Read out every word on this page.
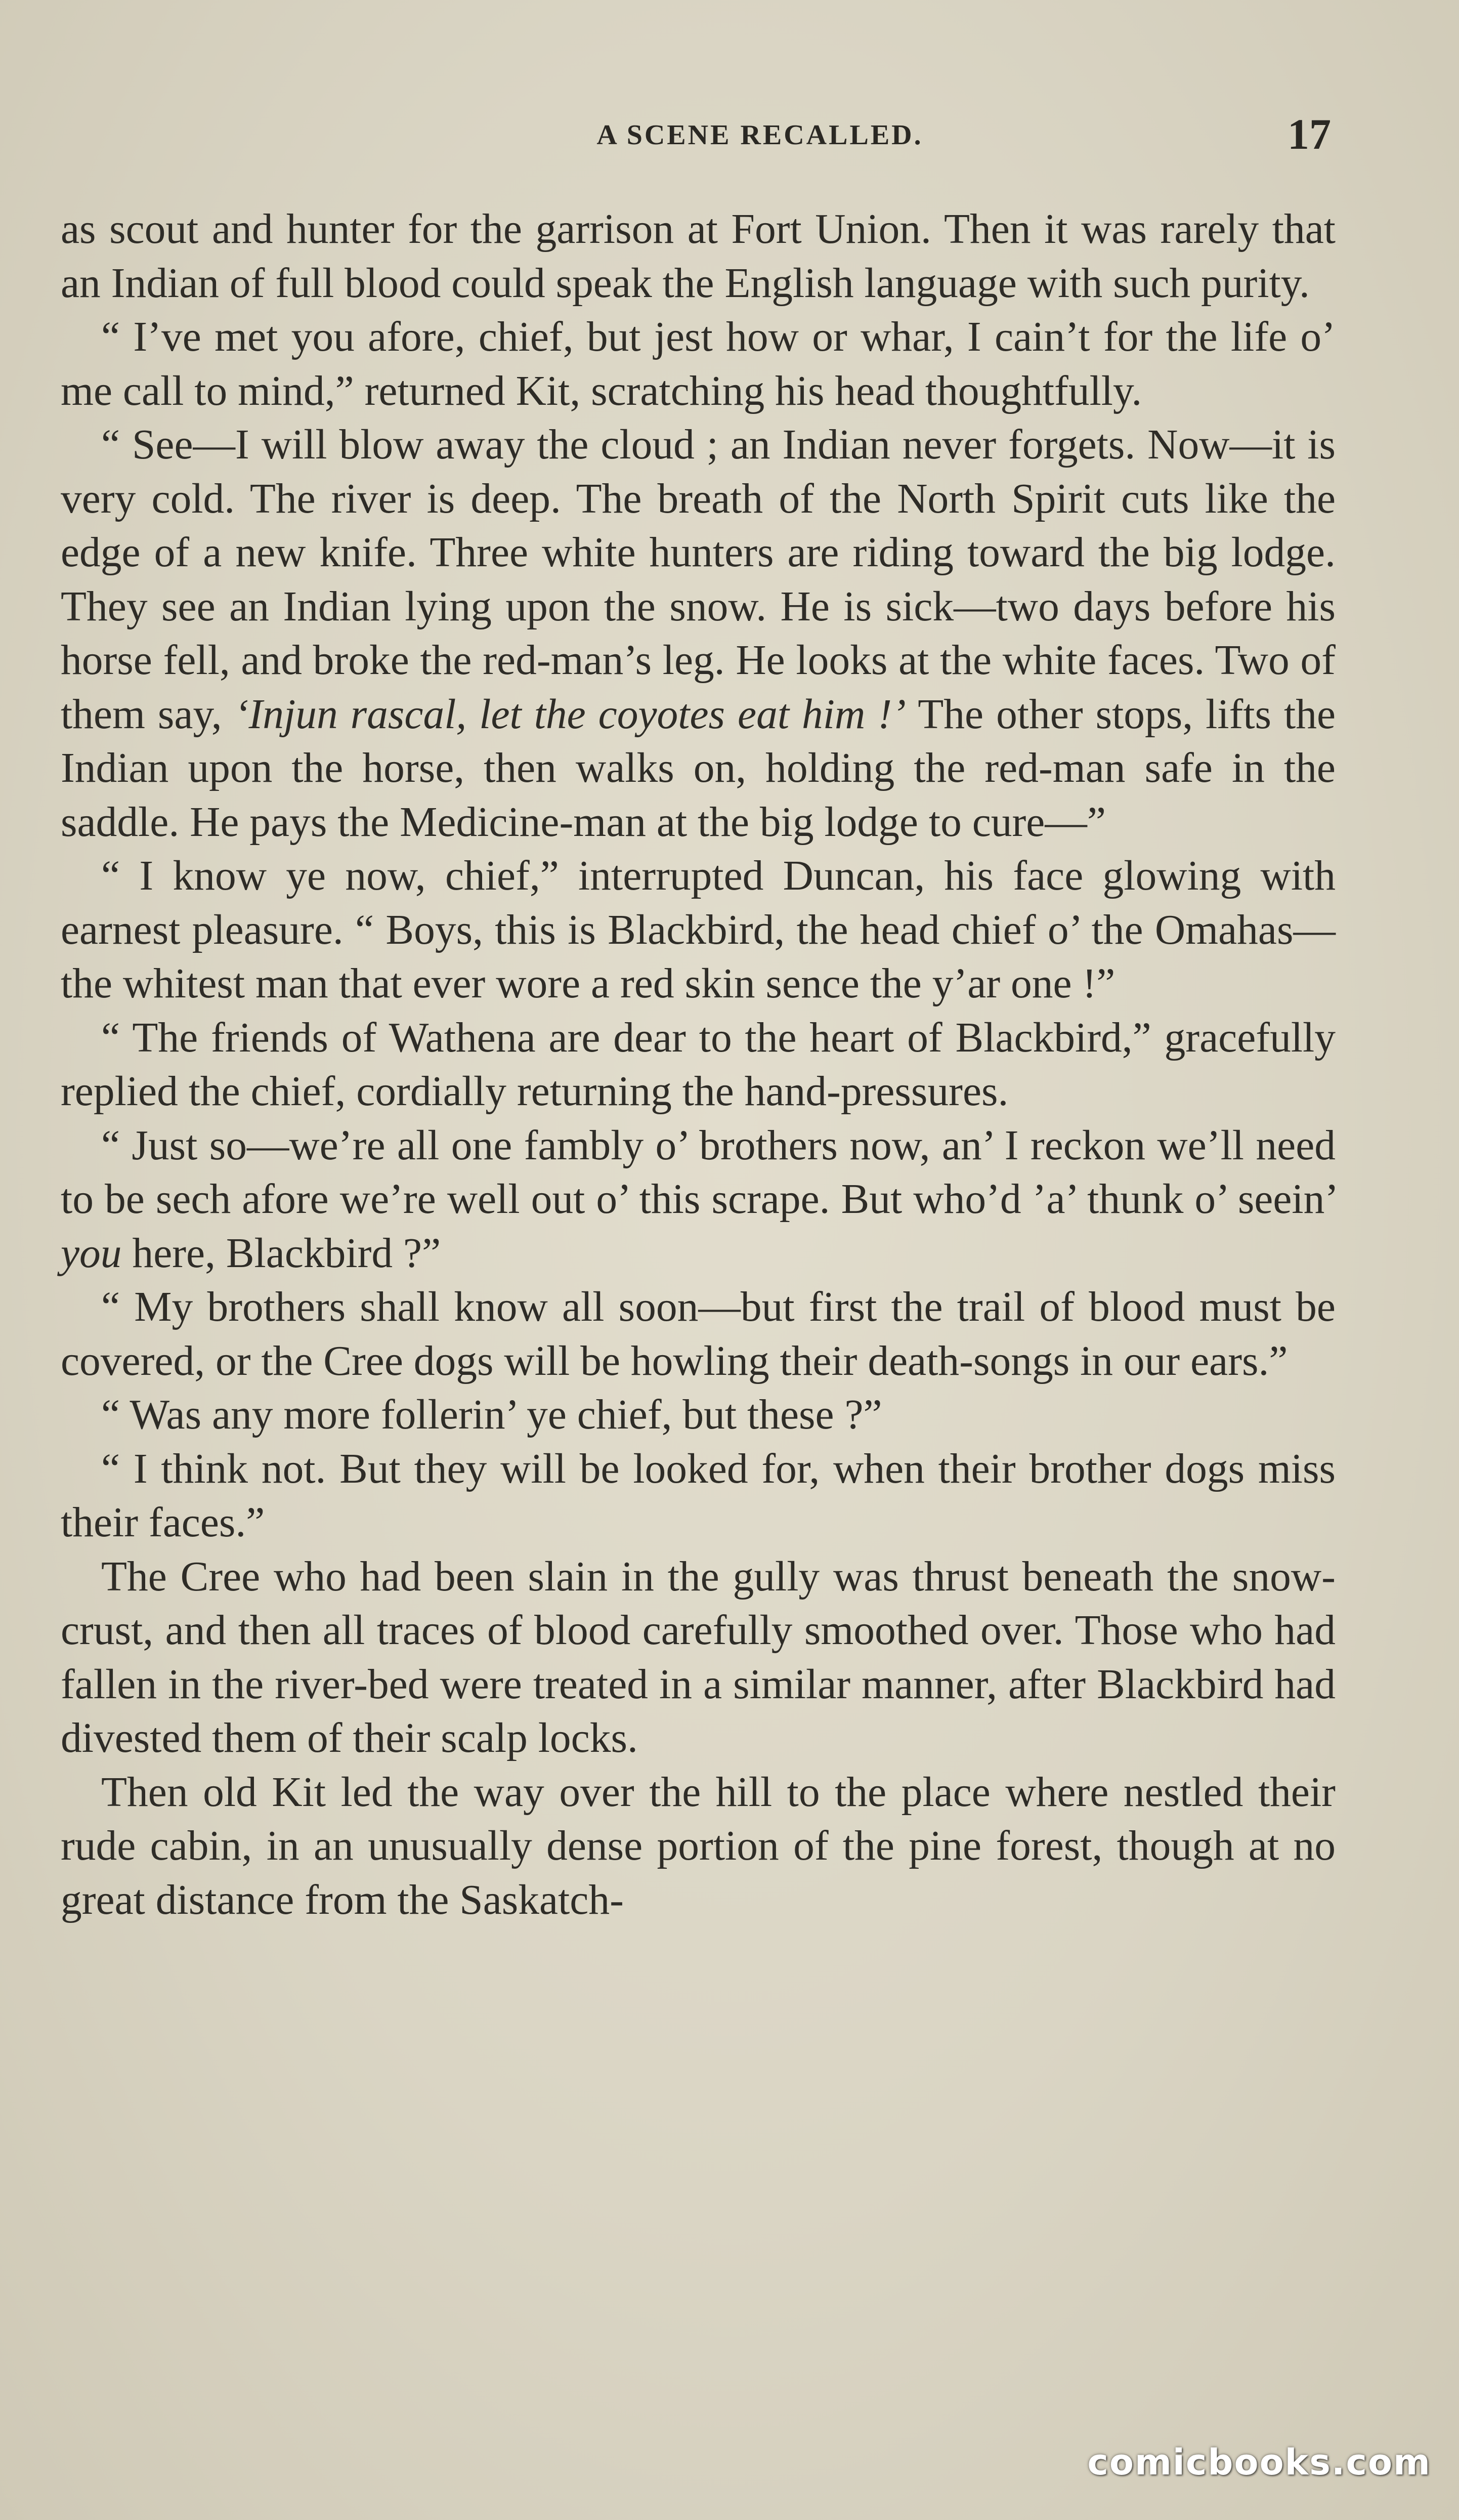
A SCENE RECALLED.	17

as scout and hunter for the garrison at Fort Union. Then it was rarely that an Indian of full blood could speak the English language with such purity.

“ I’ve met you afore, chief, but jest how or whar, I cain’t for the life o’ me call to mind,” returned Kit, scratching his head thoughtfully.

“ See—I will blow away the cloud ; an Indian never forgets. Now—it is very cold. The river is deep. The breath of the North Spirit cuts like the edge of a new knife. Three white hunters are riding toward the big lodge. They see an Indian lying upon the snow. He is sick—two days before his horse fell, and broke the red-man’s leg. He looks at the white faces. Two of them say, ‘Injun rascal, let the coyotes eat him !’ The other stops, lifts the Indian upon the horse, then walks on, holding the red-man safe in the saddle. He pays the Medicine-man at the big lodge to cure—”

“ I know ye now, chief,” interrupted Duncan, his face glowing with earnest pleasure. “ Boys, this is Blackbird, the head chief o’ the Omahas—the whitest man that ever wore a red skin sence the y’ar one !”

“ The friends of Wathena are dear to the heart of Blackbird,” gracefully replied the chief, cordially returning the hand-pressures.

“ Just so—we’re all one fambly o’ brothers now, an’ I reckon we’ll need to be sech afore we’re well out o’ this scrape. But who’d ’a’ thunk o’ seein’ you here, Blackbird ?”

“ My brothers shall know all soon—but first the trail of blood must be covered, or the Cree dogs will be howling their death-songs in our ears.”

“ Was any more follerin’ ye chief, but these ?”

“ I think not. But they will be looked for, when their brother dogs miss their faces.”

The Cree who had been slain in the gully was thrust beneath the snow-crust, and then all traces of blood carefully smoothed over. Those who had fallen in the river-bed were treated in a similar manner, after Blackbird had divested them of their scalp locks.

Then old Kit led the way over the hill to the place where nestled their rude cabin, in an unusually dense portion of the pine forest, though at no great distance from the Saskatch-

comicbooks.com
